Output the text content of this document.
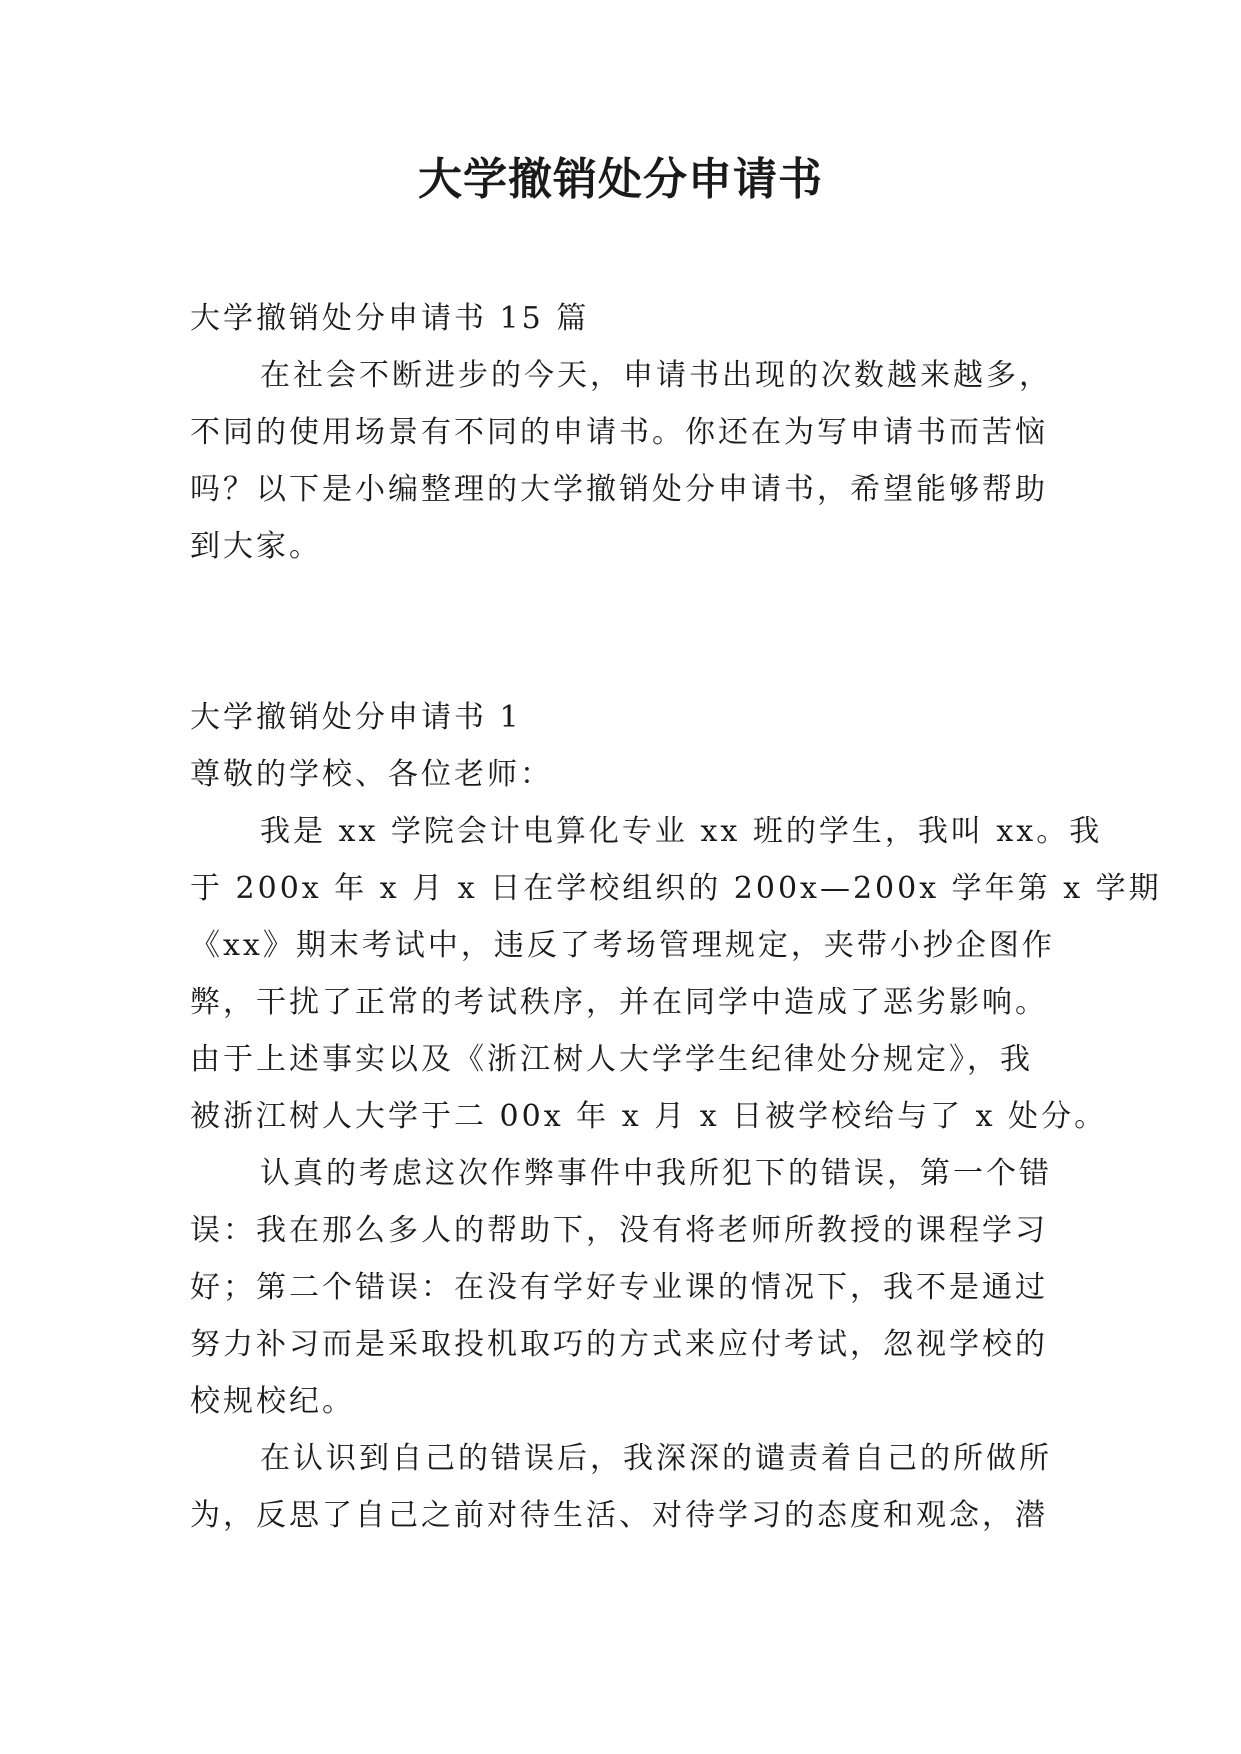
大学撤销处分申请书
大学撤销处分申请书 15 篇
在社会不断进步的今天，申请书出现的次数越来越多，
不同的使用场景有不同的申请书。你还在为写申请书而苦恼
吗？以下是小编整理的大学撤销处分申请书，希望能够帮助
到大家。
大学撤销处分申请书 1
尊敬的学校、各位老师：
我是 xx 学院会计电算化专业 xx 班的学生，我叫 xx。我
于 200x 年 x 月 x 日在学校组织的 200x—200x 学年第 x 学期
《xx》期末考试中，违反了考场管理规定，夹带小抄企图作
弊，干扰了正常的考试秩序，并在同学中造成了恶劣影响。
由于上述事实以及《浙江树人大学学生纪律处分规定》，我
被浙江树人大学于二 00x 年 x 月 x 日被学校给与了 x 处分。
认真的考虑这次作弊事件中我所犯下的错误，第一个错
误：我在那么多人的帮助下，没有将老师所教授的课程学习
好；第二个错误：在没有学好专业课的情况下，我不是通过
努力补习而是采取投机取巧的方式来应付考试，忽视学校的
校规校纪。
在认识到自己的错误后，我深深的谴责着自己的所做所
为，反思了自己之前对待生活、对待学习的态度和观念，潜
